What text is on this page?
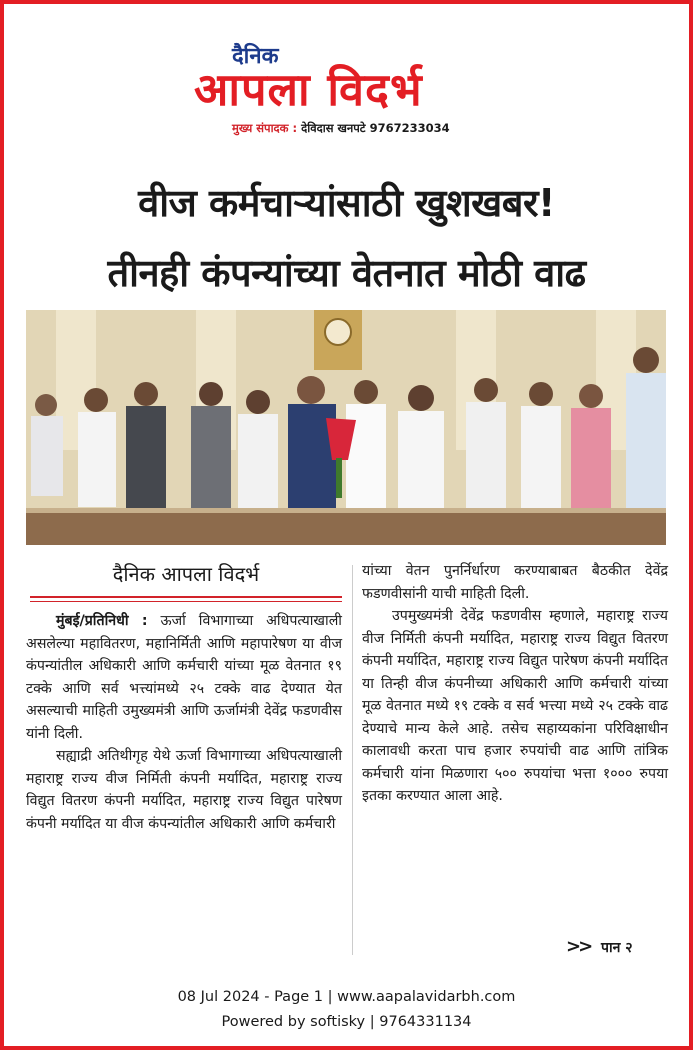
दैनिक
आपला विदर्भ
मुख्य संपादक : देविदास खनपटे 9767233034
वीज कर्मचाऱ्यांसाठी खुशखबर!
तीनही कंपन्यांच्या वेतनात मोठी वाढ
दैनिक आपला विदर्भ

मुंबई/प्रतिनिधी : ऊर्जा विभागाच्या अधिपत्याखाली असलेल्या महावितरण, महानिर्मिती आणि महापारेषण या वीज कंपन्यांतील अधिकारी आणि कर्मचारी यांच्या मूळ वेतनात १९ टक्के आणि सर्व भत्त्यांमध्ये २५ टक्के वाढ देण्यात येत असल्याची माहिती उमुख्यमंत्री आणि ऊर्जामंत्री देवेंद्र फडणवीस यांनी दिली.

सह्याद्री अतिथीगृह येथे ऊर्जा विभागाच्या अधिपत्याखाली महाराष्ट्र राज्य वीज निर्मिती कंपनी मर्यादित, महाराष्ट्र राज्य विद्युत वितरण कंपनी मर्यादित, महाराष्ट्र राज्य विद्युत पारेषण कंपनी मर्यादित या वीज कंपन्यांतील अधिकारी आणि कर्मचारी

यांच्या वेतन पुनर्निर्धारण करण्याबाबत बैठकीत देवेंद्र फडणवीसांनी याची माहिती दिली.

उपमुख्यमंत्री देवेंद्र फडणवीस म्हणाले, महाराष्ट्र राज्य वीज निर्मिती कंपनी मर्यादित, महाराष्ट्र राज्य विद्युत वितरण कंपनी मर्यादित, महाराष्ट्र राज्य विद्युत पारेषण कंपनी मर्यादित या तिन्ही वीज कंपनीच्या अधिकारी आणि कर्मचारी यांच्या मूळ वेतनात मध्ये १९ टक्के व सर्व भत्त्या मध्ये २५ टक्के वाढ देण्याचे मान्य केले आहे. तसेच सहाय्यकांना परिविक्षाधीन कालावधी करता पाच हजार रुपयांची वाढ आणि तांत्रिक कर्मचारी यांना मिळणारा ५०० रुपयांचा भत्ता १००० रुपया इतका करण्यात आला आहे.

>> पान २
08 Jul 2024 - Page 1 | www.aapalavidarbh.com
Powered by softisky | 9764331134
